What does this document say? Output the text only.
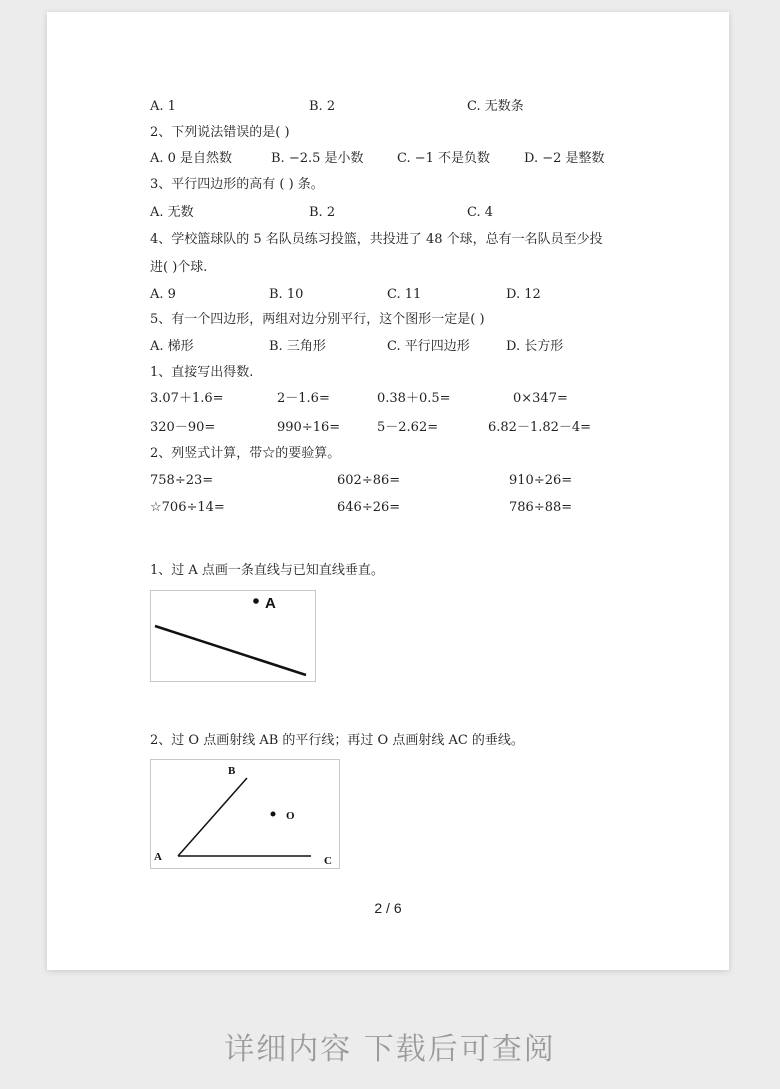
A. 1	B. 2	C. 无数条
2、下列说法错误的是( )
A. 0 是自然数	B. −2.5 是小数	C. −1 不是负数	D. −2 是整数
3、平行四边形的高有 ( ) 条。
A. 无数	B. 2	C. 4
4、学校篮球队的 5 名队员练习投篮，共投进了 48 个球，总有一名队员至少投
进( )个球.
A. 9	B. 10	C. 11	D. 12
5、有一个四边形，两组对边分别平行，这个图形一定是( )
A. 梯形	B. 三角形	C. 平行四边形	D. 长方形
1、直接写出得数.
3.07＋1.6=	2－1.6=	0.38＋0.5=	0×347=
320－90=	990÷16=	5－2.62=	6.82－1.82－4=
2、列竖式计算，带☆的要验算。
758÷23=	602÷86=	910÷26=
☆706÷14=	646÷26=	786÷88=
1、过 A 点画一条直线与已知直线垂直。
A
2、过 O 点画射线 AB 的平行线；再过 O 点画射线 AC 的垂线。
A
B
C
O
2 / 6
详细内容 下载后可查阅
